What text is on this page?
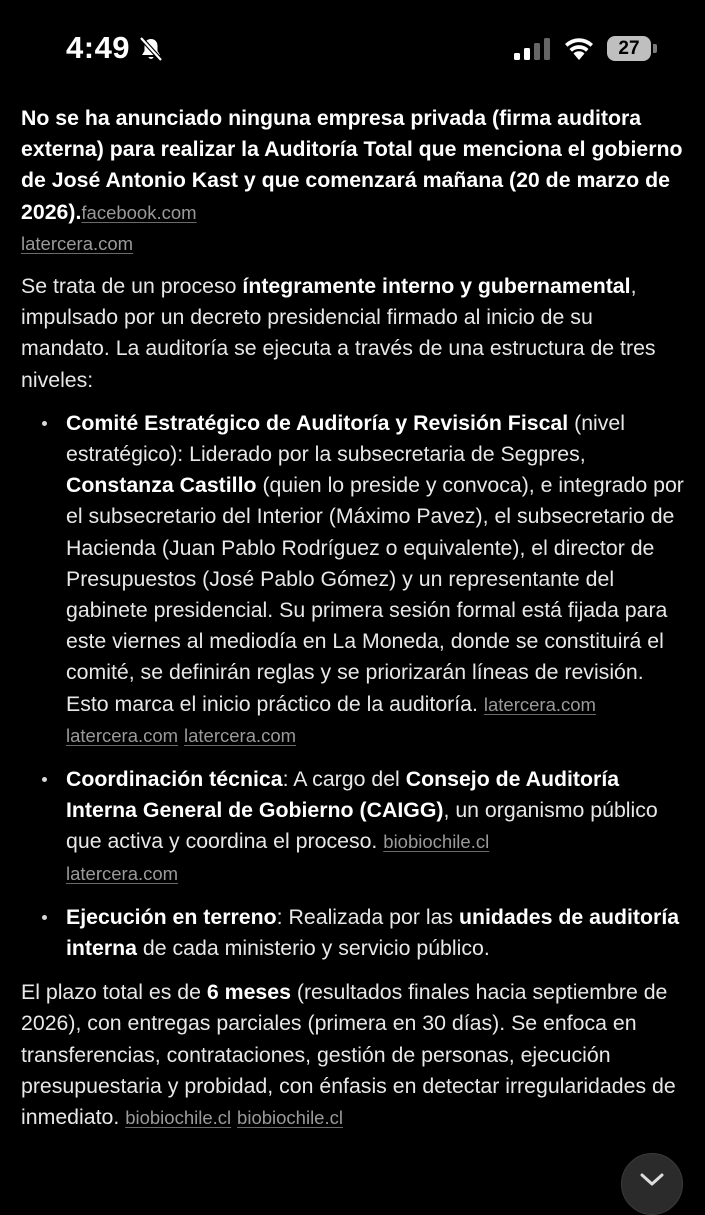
4:49	27

No se ha anunciado ninguna empresa privada (firma auditora externa) para realizar la Auditoría Total que menciona el gobierno de José Antonio Kast y que comenzará mañana (20 de marzo de 2026).facebook.com
latercera.com

Se trata de un proceso íntegramente interno y gubernamental, impulsado por un decreto presidencial firmado al inicio de su mandato. La auditoría se ejecuta a través de una estructura de tres niveles:

Comité Estratégico de Auditoría y Revisión Fiscal (nivel estratégico): Liderado por la subsecretaria de Segpres, Constanza Castillo (quien lo preside y convoca), e integrado por el subsecretario del Interior (Máximo Pavez), el subsecretario de Hacienda (Juan Pablo Rodríguez o equivalente), el director de Presupuestos (José Pablo Gómez) y un representante del gabinete presidencial. Su primera sesión formal está fijada para este viernes al mediodía en La Moneda, donde se constituirá el comité, se definirán reglas y se priorizarán líneas de revisión. Esto marca el inicio práctico de la auditoría. latercera.com latercera.com latercera.com
Coordinación técnica: A cargo del Consejo de Auditoría Interna General de Gobierno (CAIGG), un organismo público que activa y coordina el proceso. biobiochile.cl
latercera.com
Ejecución en terreno: Realizada por las unidades de auditoría interna de cada ministerio y servicio público.

El plazo total es de 6 meses (resultados finales hacia septiembre de 2026), con entregas parciales (primera en 30 días). Se enfoca en transferencias, contrataciones, gestión de personas, ejecución presupuestaria y probidad, con énfasis en detectar irregularidades de inmediato. biobiochile.cl biobiochile.cl
